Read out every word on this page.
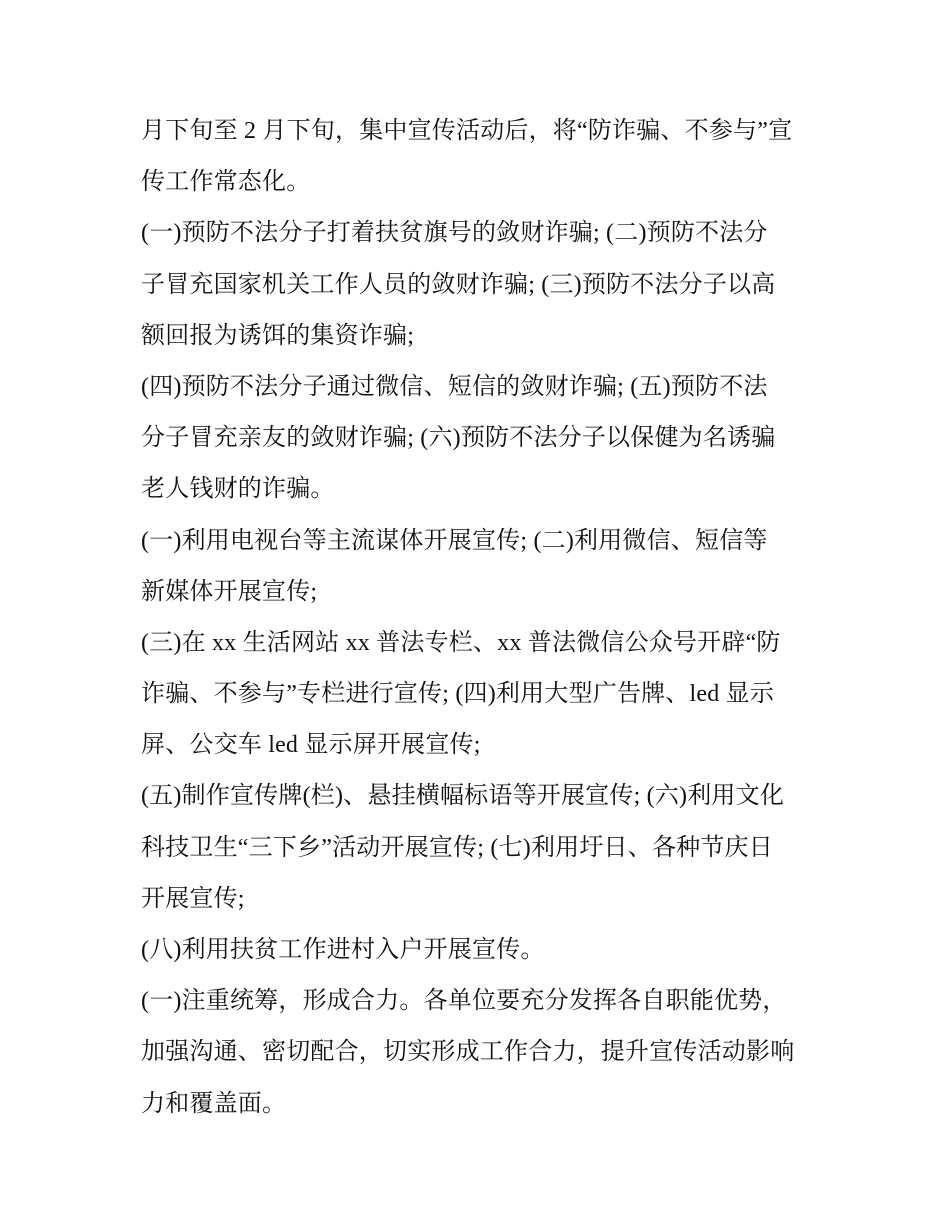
月下旬至 2 月下旬，集中宣传活动后，将“防诈骗、不参与”宣
传工作常态化。
(一)预防不法分子打着扶贫旗号的敛财诈骗; (二)预防不法分
子冒充国家机关工作人员的敛财诈骗; (三)预防不法分子以高
额回报为诱饵的集资诈骗;
(四)预防不法分子通过微信、短信的敛财诈骗; (五)预防不法
分子冒充亲友的敛财诈骗; (六)预防不法分子以保健为名诱骗
老人钱财的诈骗。
(一)利用电视台等主流谋体开展宣传; (二)利用微信、短信等
新媒体开展宣传;
(三)在 xx 生活网站 xx 普法专栏、xx 普法微信公众号开辟“防
诈骗、不参与”专栏进行宣传; (四)利用大型广告牌、led 显示
屏、公交车 led 显示屏开展宣传;
(五)制作宣传牌(栏)、悬挂横幅标语等开展宣传; (六)利用文化
科技卫生“三下乡”活动开展宣传; (七)利用圩日、各种节庆日
开展宣传;
(八)利用扶贫工作进村入户开展宣传。
(一)注重统筹，形成合力。各单位要充分发挥各自职能优势，
加强沟通、密切配合，切实形成工作合力，提升宣传活动影响
力和覆盖面。
